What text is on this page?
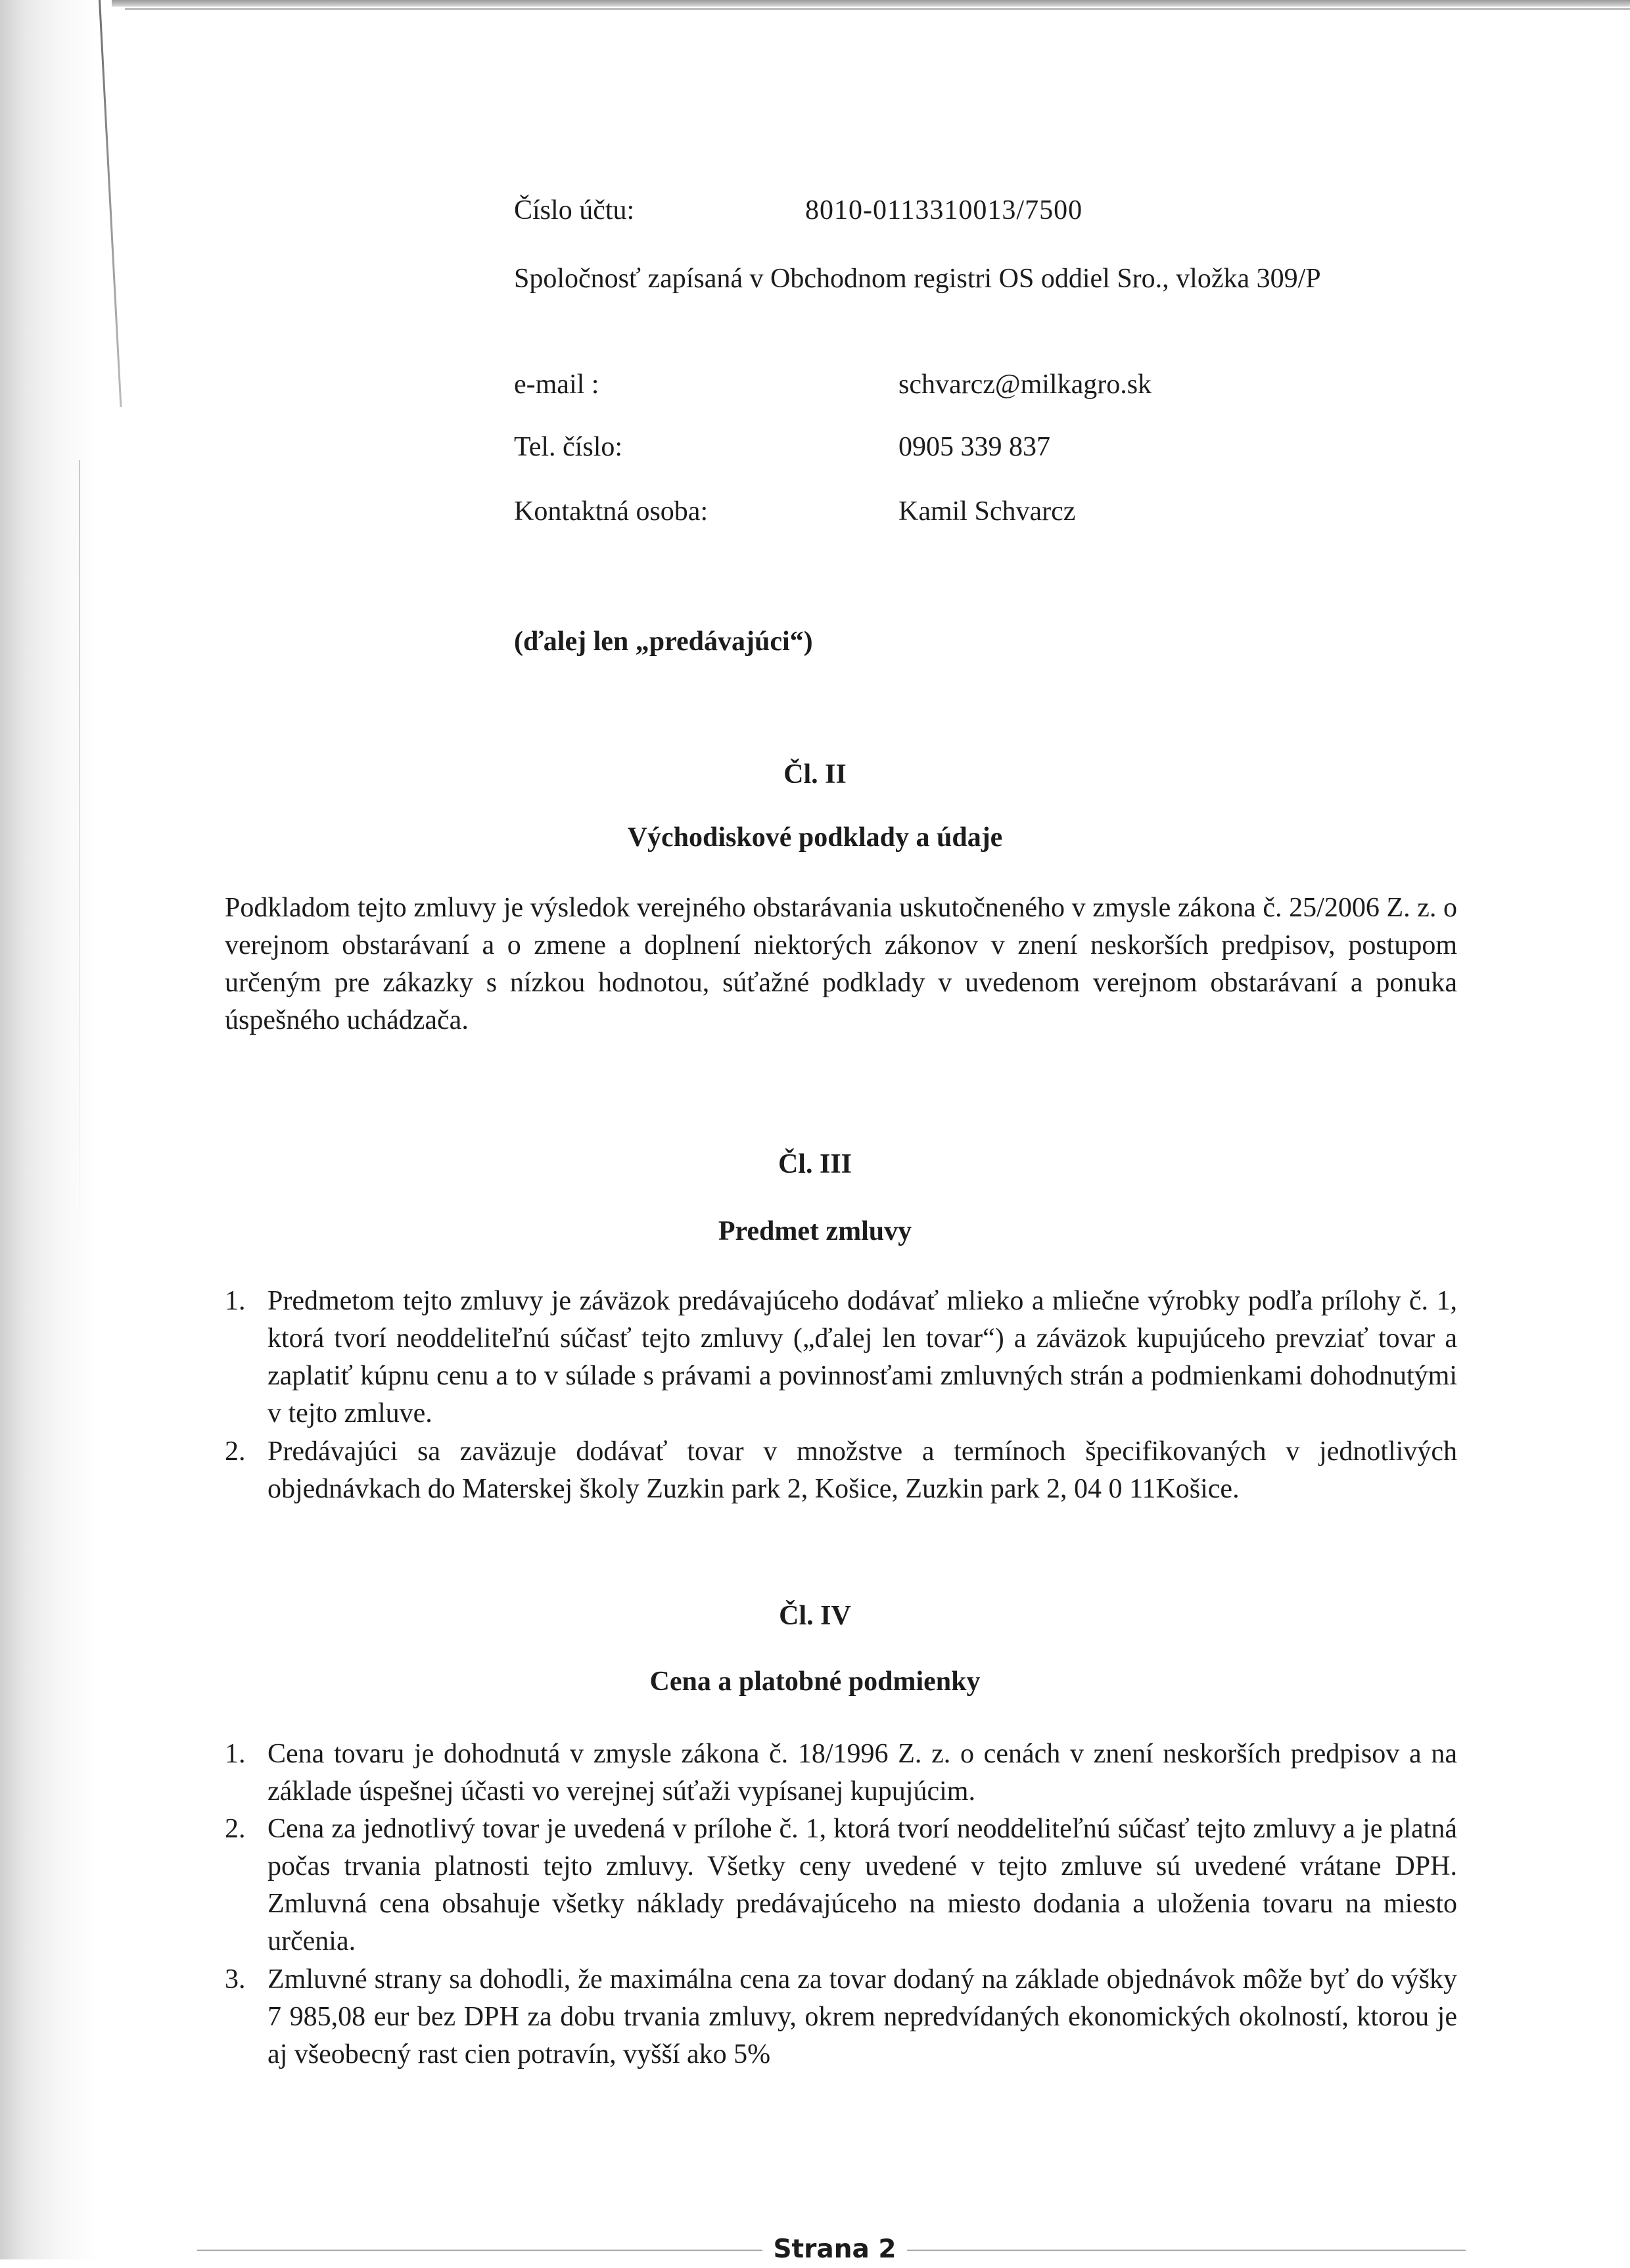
Číslo účtu:	8010-0113310013/7500
Spoločnosť zapísaná v Obchodnom registri OS oddiel Sro., vložka 309/P
e-mail :	schvarcz@milkagro.sk
Tel. číslo:	0905 339 837
Kontaktná osoba:	Kamil Schvarcz
(ďalej len „predávajúci“)
Čl. II
Východiskové podklady a údaje
Podkladom tejto zmluvy je výsledok verejného obstarávania uskutočneného v zmysle zákona č. 25/2006 Z. z. o verejnom obstarávaní a o zmene a doplnení niektorých zákonov v znení neskorších predpisov, postupom určeným pre zákazky s nízkou hodnotou, súťažné podklady v uvedenom verejnom obstarávaní a ponuka úspešného uchádzača.
Čl. III
Predmet zmluvy
1. Predmetom tejto zmluvy je záväzok predávajúceho dodávať mlieko a mliečne výrobky podľa prílohy č. 1, ktorá tvorí neoddeliteľnú súčasť tejto zmluvy („ďalej len tovar“) a záväzok kupujúceho prevziať tovar a zaplatiť kúpnu cenu a to v súlade s právami a povinnosťami zmluvných strán a podmienkami dohodnutými v tejto zmluve.
2. Predávajúci sa zaväzuje dodávať tovar v množstve a termínoch špecifikovaných v jednotlivých objednávkach do Materskej školy Zuzkin park 2, Košice, Zuzkin park 2, 04 0 11Košice.
Čl. IV
Cena a platobné podmienky
1. Cena tovaru je dohodnutá v zmysle zákona č. 18/1996 Z. z. o cenách v znení neskorších predpisov a na základe úspešnej účasti vo verejnej súťaži vypísanej kupujúcim.
2. Cena za jednotlivý tovar je uvedená v prílohe č. 1, ktorá tvorí neoddeliteľnú súčasť tejto zmluvy a je platná počas trvania platnosti tejto zmluvy. Všetky ceny uvedené v tejto zmluve sú uvedené vrátane DPH. Zmluvná cena obsahuje všetky náklady predávajúceho na miesto dodania a uloženia tovaru na miesto určenia.
3. Zmluvné strany sa dohodli, že maximálna cena za tovar dodaný na základe objednávok môže byť do výšky 7 985,08 eur bez DPH za dobu trvania zmluvy, okrem nepredvídaných ekonomických okolností, ktorou je aj všeobecný rast cien potravín, vyšší ako 5%
Strana 2
